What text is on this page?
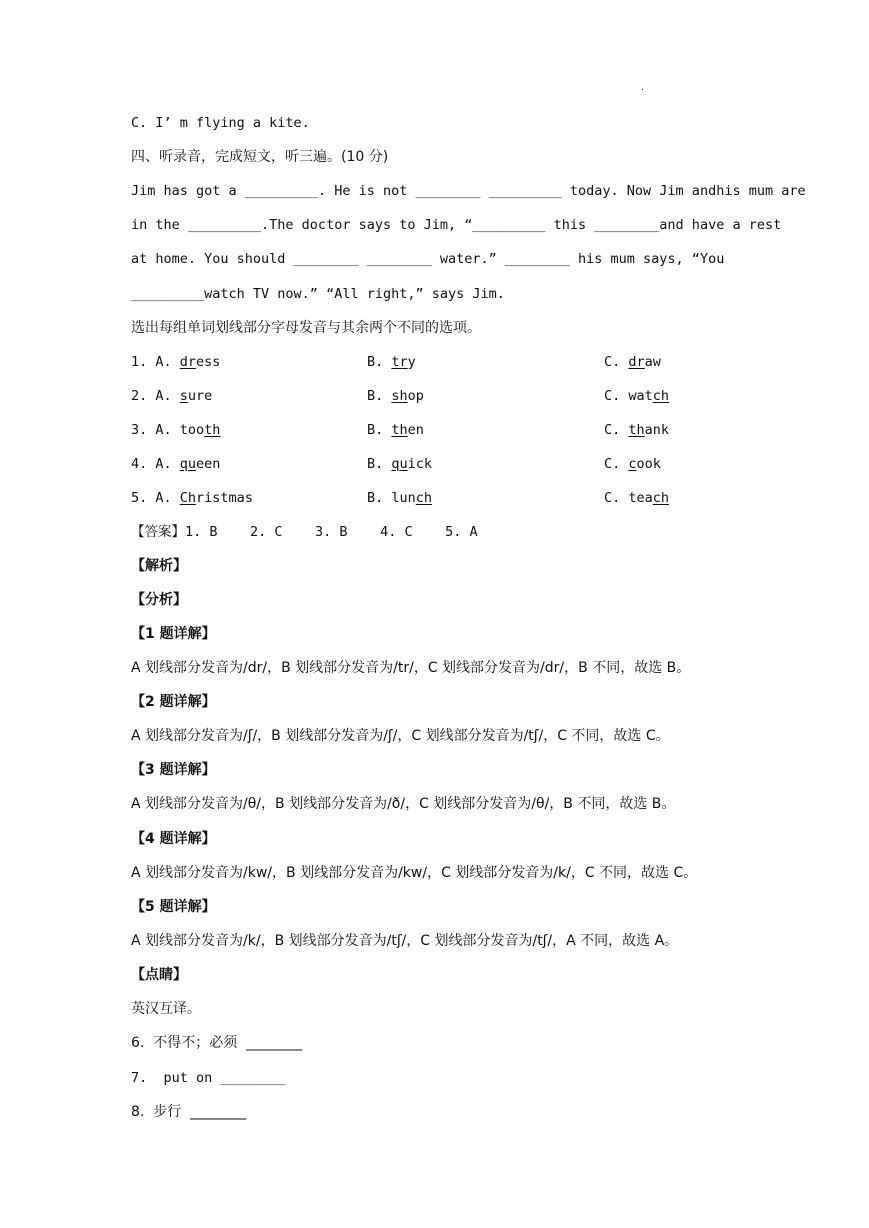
.
C. I’ m flying a kite.
四、听录音，完成短文，听三遍。(10 分)
Jim has got a _________. He is not ________ _________ today. Now Jim andhis mum are
in the _________.The doctor says to Jim, “_________ this ________and have a rest
at home. You should ________ ________ water.” ________ his mum says, “You
_________watch TV now.” “All right,” says Jim.
选出每组单词划线部分字母发音与其余两个不同的选项。
1. A. dress	B. try	C. draw
2. A. sure	B. shop	C. watch
3. A. tooth	B. then	C. thank
4. A. queen	B. quick	C. cook
5. A. Christmas	B. lunch	C. teach
【答案】1. B    2. C    3. B    4. C    5. A
【解析】
【分析】
【1 题详解】
A 划线部分发音为/dr/，B 划线部分发音为/tr/，C 划线部分发音为/dr/，B 不同，故选 B。
【2 题详解】
A 划线部分发音为/ʃ/，B 划线部分发音为/ʃ/，C 划线部分发音为/tʃ/，C 不同，故选 C。
【3 题详解】
A 划线部分发音为/θ/，B 划线部分发音为/ð/，C 划线部分发音为/θ/，B 不同，故选 B。
【4 题详解】
A 划线部分发音为/kw/，B 划线部分发音为/kw/，C 划线部分发音为/k/，C 不同，故选 C。
【5 题详解】
A 划线部分发音为/k/，B 划线部分发音为/tʃ/，C 划线部分发音为/tʃ/，A 不同，故选 A。
【点睛】
英汉互译。
6.  不得不；必须  ________
7.  put on ________
8.  步行  ________
